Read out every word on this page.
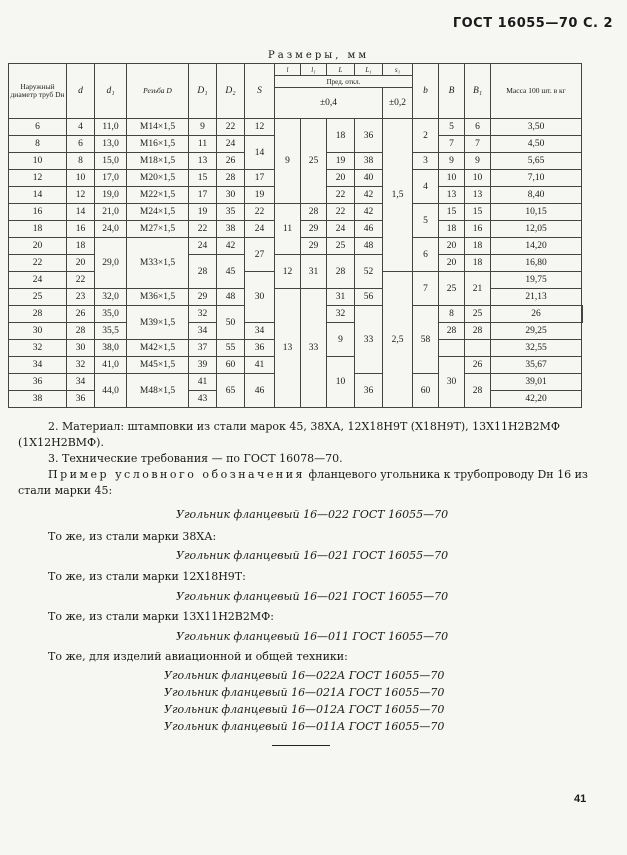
ГОСТ 16055—70 С. 2
Размеры, мм
Наружный диаметр труб Dн	d	d₁	Резьба D	D₁	D₂	S	l	l₁	L	L₁	s₁	b	B	B₁	Масса 100 шт. в кг	
							Пред. откл.									
							±0,4				±0,2					
6	4	11,0	M14×1,5	9	22	12	9	25	18	36	1,5	2	5	6	3,50	
8	6	13,0	M16×1,5	11	24	14							7	7	4,50	
10	8	15,0	M18×1,5	13	26				19	38		3	9	9	5,65	
12	10	17,0	M20×1,5	15	28	17			20	40		4	10	10	7,10	
14	12	19,0	M22×1,5	17	30	19			22	42			13	13	8,40	
16	14	21,0	M24×1,5	19	35	22	11	28	22	42		5	15	15	10,15	
18	16	24,0	M27×1,5	22	38	24		29	24	46			18	16	12,05	
20	18	29,0	M33×1,5	24	42	27		29	25	48		6	20	18	14,20	
22	20			28	45		12	31	28	52			20	18	16,80	
24	22					30					2,5	7	25	21	19,75	
25	23	32,0	M36×1,5	29	48		13	33	31	56					21,13	
28	26	35,0	M39×1,5	32	50				32	33		58	8	25	26	
30	28	35,5		34		34			9				28	28	29,25	
32	30	38,0	M42×1,5	37	55	36									32,55	
34	32	41,0	M45×1,5	39	60	41			10				30	26	35,67	
36	34	44,0	M48×1,5	41	65	46				36		60		28	39,01	
38	36			43											42,20	
2. Материал: штамповки из стали марок 45, 38ХА, 12Х18Н9Т (Х18Н9Т), 13Х11Н2В2МФ
(1Х12Н2ВМФ).
3. Технические требования — по ГОСТ 16078—70.
Пример условного обозначения фланцевого угольника к трубопроводу Dн 16 из
стали марки 45:
Угольник фланцевый 16—022 ГОСТ 16055—70
То же, из стали марки 38ХА:
Угольник фланцевый 16—021 ГОСТ 16055—70
То же, из стали марки 12Х18Н9Т:
Угольник фланцевый 16—021 ГОСТ 16055—70
То же, из стали марки 13Х11Н2В2МФ:
Угольник фланцевый 16—011 ГОСТ 16055—70
То же, для изделий авиационной и общей техники:
Угольник фланцевый 16—022А ГОСТ 16055—70
Угольник фланцевый 16—021А ГОСТ 16055—70
Угольник фланцевый 16—012А ГОСТ 16055—70
Угольник фланцевый 16—011А ГОСТ 16055—70
41
